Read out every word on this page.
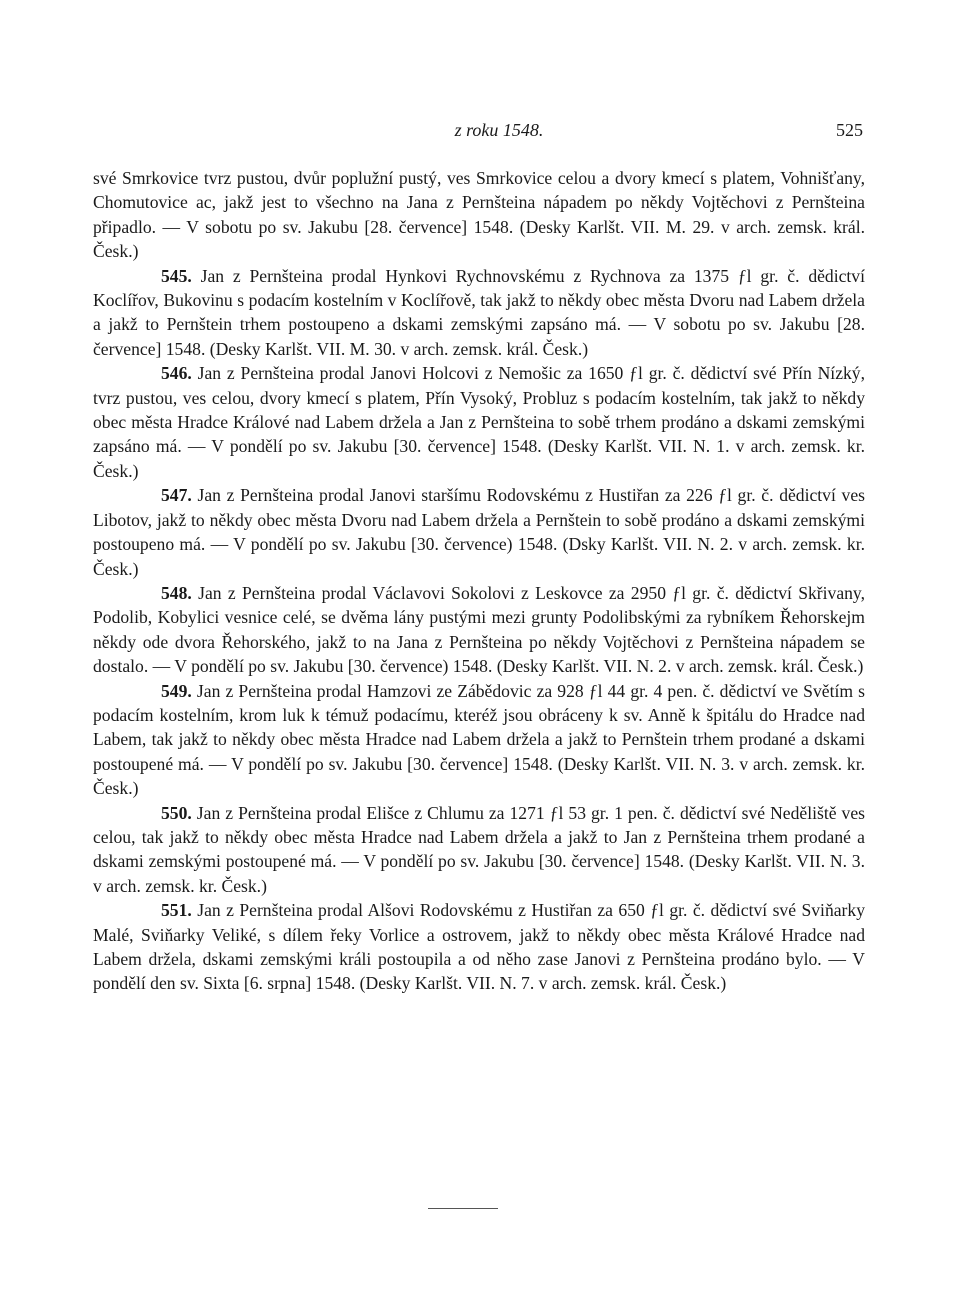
z roku 1548.	525

své Smrkovice tvrz pustou, dvůr poplužní pustý, ves Smrkovice celou a dvory kmecí s platem, Vohnišťany, Chomutovice ac, jakž jest to všechno na Jana z Pernšteina nápadem po někdy Vojtěchovi z Pernšteina připadlo. — V sobotu po sv. Jakubu [28. července] 1548. (Desky Karlšt. VII. M. 29. v arch. zemsk. král. Česk.)

545. Jan z Pernšteina prodal Hynkovi Rychnovskému z Rychnova za 1375 ƒl gr. č. dědictví Koclířov, Bukovinu s podacím kostelním v Koclířově, tak jakž to někdy obec města Dvoru nad Labem držela a jakž to Pernštein trhem postoupeno a dskami zemskými zapsáno má. — V sobotu po sv. Jakubu [28. července] 1548. (Desky Karlšt. VII. M. 30. v arch. zemsk. král. Česk.)

546. Jan z Pernšteina prodal Janovi Holcovi z Nemošic za 1650 ƒl gr. č. dědictví své Přín Nízký, tvrz pustou, ves celou, dvory kmecí s platem, Přín Vysoký, Probluz s podacím kostelním, tak jakž to někdy obec města Hradce Králové nad Labem držela a Jan z Pernšteina to sobě trhem prodáno a dskami zemskými zapsáno má. — V pondělí po sv. Jakubu [30. července] 1548. (Desky Karlšt. VII. N. 1. v arch. zemsk. kr. Česk.)

547. Jan z Pernšteina prodal Janovi staršímu Rodovskému z Hustiřan za 226 ƒl gr. č. dědictví ves Libotov, jakž to někdy obec města Dvoru nad Labem držela a Pernštein to sobě prodáno a dskami zemskými postoupeno má. — V pondělí po sv. Jakubu [30. července) 1548. (Dsky Karlšt. VII. N. 2. v arch. zemsk. kr. Česk.)

548. Jan z Pernšteina prodal Václavovi Sokolovi z Leskovce za 2950 ƒl gr. č. dědictví Skřivany, Podolib, Kobylici vesnice celé, se dvěma lány pustými mezi grunty Podolibskými za rybníkem Řehorskejm někdy ode dvora Řehorského, jakž to na Jana z Pernšteina po někdy Vojtěchovi z Pernšteina nápadem se dostalo. — V pondělí po sv. Jakubu [30. července) 1548. (Desky Karlšt. VII. N. 2. v arch. zemsk. král. Česk.)

549. Jan z Pernšteina prodal Hamzovi ze Zábědovic za 928 ƒl 44 gr. 4 pen. č. dědictví ve Světím s podacím kostelním, krom luk k témuž podacímu, kteréž jsou obráceny k sv. Anně k špitálu do Hradce nad Labem, tak jakž to někdy obec města Hradce nad Labem držela a jakž to Pernštein trhem prodané a dskami postoupené má. — V pondělí po sv. Jakubu [30. července] 1548. (Desky Karlšt. VII. N. 3. v arch. zemsk. kr. Česk.)

550. Jan z Pernšteina prodal Elišce z Chlumu za 1271 ƒl 53 gr. 1 pen. č. dědictví své Neděliště ves celou, tak jakž to někdy obec města Hradce nad Labem držela a jakž to Jan z Pernšteina trhem prodané a dskami zemskými postoupené má. — V pondělí po sv. Jakubu [30. července] 1548. (Desky Karlšt. VII. N. 3. v arch. zemsk. kr. Česk.)

551. Jan z Pernšteina prodal Alšovi Rodovskému z Hustiřan za 650 ƒl gr. č. dědictví své Sviňarky Malé, Sviňarky Veliké, s dílem řeky Vorlice a ostrovem, jakž to někdy obec města Králové Hradce nad Labem držela, dskami zemskými králi postoupila a od něho zase Janovi z Pernšteina prodáno bylo. — V pondělí den sv. Sixta [6. srpna] 1548. (Desky Karlšt. VII. N. 7. v arch. zemsk. král. Česk.)
